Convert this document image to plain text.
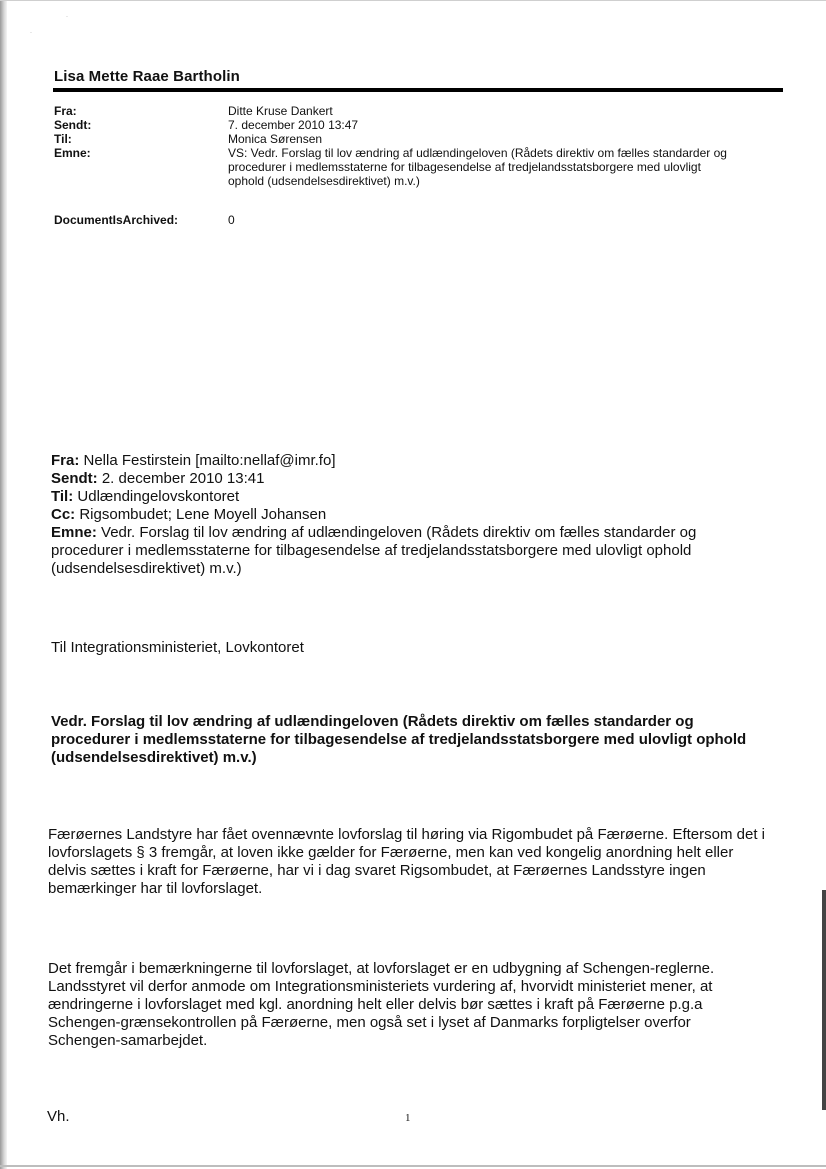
·
·
Lisa Mette Raae Bartholin
Fra:	Ditte Kruse Dankert
Sendt:	7. december 2010 13:47
Til:	Monica Sørensen
Emne:	VS: Vedr. Forslag til lov ændring af udlændingeloven (Rådets direktiv om fælles standarder og procedurer i medlemsstaterne for tilbagesendelse af tredjelandsstatsborgere med ulovligt ophold (udsendelsesdirektivet) m.v.)
DocumentIsArchived:	0
Fra: Nella Festirstein [mailto:nellaf@imr.fo]
Sendt: 2. december 2010 13:41
Til: Udlændingelovskontoret
Cc: Rigsombudet; Lene Moyell Johansen
Emne: Vedr. Forslag til lov ændring af udlændingeloven (Rådets direktiv om fælles standarder og procedurer i medlemsstaterne for tilbagesendelse af tredjelandsstatsborgere med ulovligt ophold (udsendelsesdirektivet) m.v.)
Til Integrationsministeriet, Lovkontoret
Vedr. Forslag til lov ændring af udlændingeloven (Rådets direktiv om fælles standarder og procedurer i medlemsstaterne for tilbagesendelse af tredjelandsstatsborgere med ulovligt ophold (udsendelsesdirektivet) m.v.)
Færøernes Landstyre har fået ovennævnte lovforslag til høring via Rigombudet på Færøerne. Eftersom det i lovforslagets § 3 fremgår, at loven ikke gælder for Færøerne, men kan ved kongelig anordning helt eller delvis sættes i kraft for Færøerne, har vi i dag svaret Rigsombudet, at Færøernes Landsstyre ingen bemærkinger har til lovforslaget.
Det fremgår i bemærkningerne til lovforslaget, at lovforslaget er en udbygning af Schengen-reglerne. Landsstyret vil derfor anmode om Integrationsministeriets vurdering af, hvorvidt ministeriet mener, at ændringerne i lovforslaget med kgl. anordning helt eller delvis bør sættes i kraft på Færøerne p.g.a Schengen-grænsekontrollen på Færøerne, men også set i lyset af Danmarks forpligtelser overfor Schengen-samarbejdet.
Vh.	1
